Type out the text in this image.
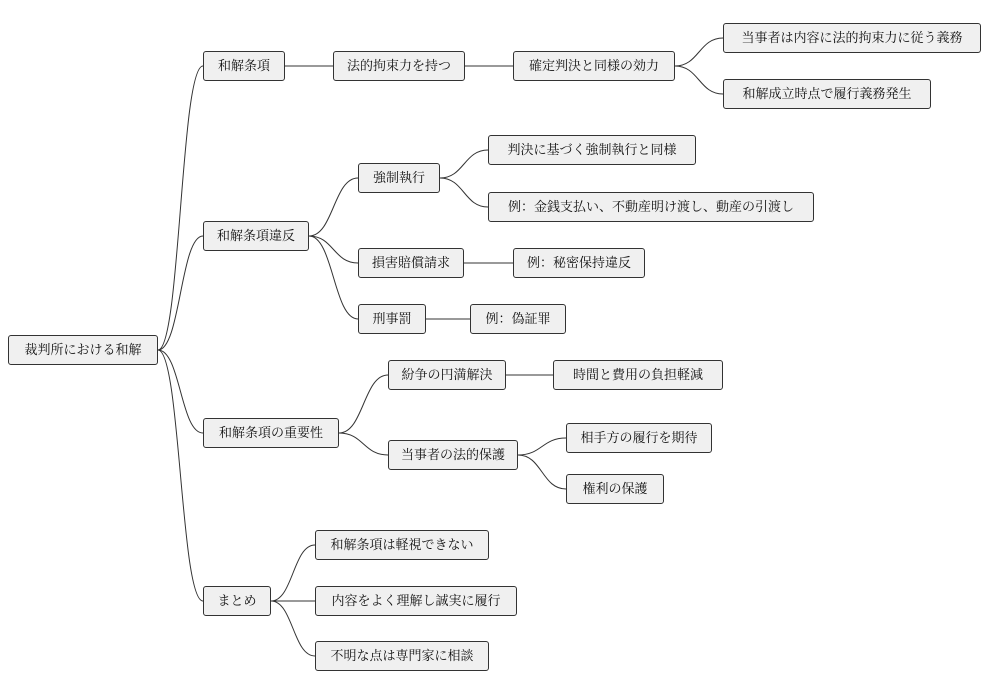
裁判所における和解
和解条項	法的拘束力を持つ	確定判決と同様の効力
当事者は内容に法的拘束力に従う義務
和解成立時点で履行義務発生
和解条項違反
強制執行
判決に基づく強制執行と同様
例：金銭支払い、不動産明け渡し、動産の引渡し
損害賠償請求	例：秘密保持違反
刑事罰	例：偽証罪
和解条項の重要性
紛争の円満解決	時間と費用の負担軽減
当事者の法的保護
相手方の履行を期待
権利の保護
まとめ
和解条項は軽視できない
内容をよく理解し誠実に履行
不明な点は専門家に相談
